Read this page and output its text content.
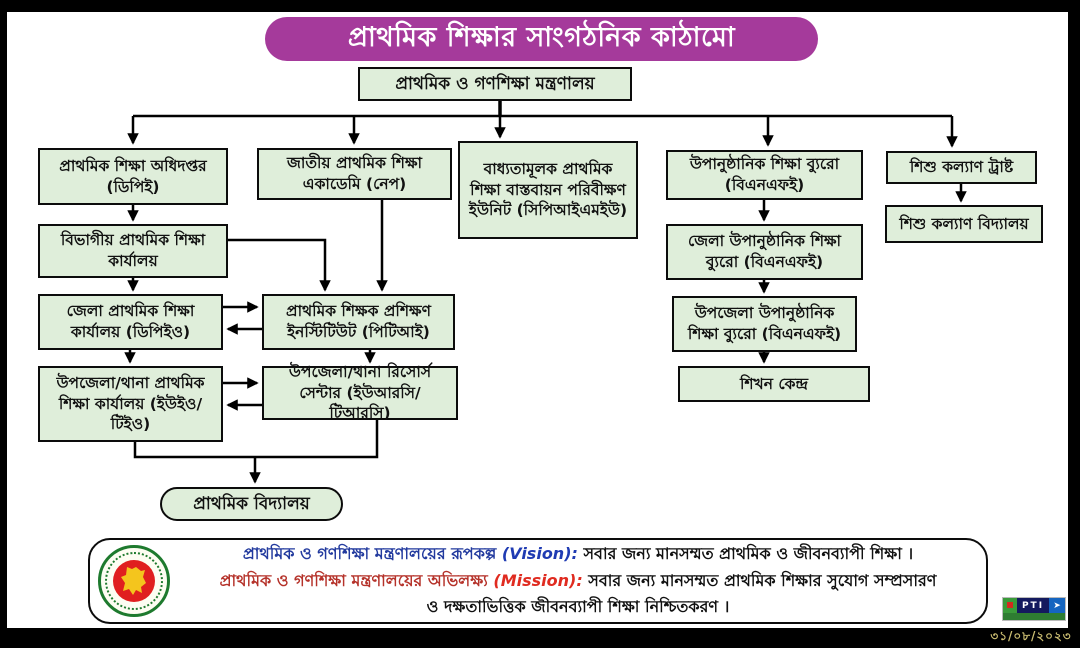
প্রাথমিক শিক্ষার সাংগঠনিক কাঠামো
প্রাথমিক ও গণশিক্ষা মন্ত্রণালয়
প্রাথমিক শিক্ষা অধিদপ্তর (ডিপিই)
বিভাগীয় প্রাথমিক শিক্ষা কার্যালয়
জেলা প্রাথমিক শিক্ষা কার্যালয় (ডিপিইও)
উপজেলা/থানা প্রাথমিক শিক্ষা কার্যালয় (ইউইও/টিইও)
জাতীয় প্রাথমিক শিক্ষা একাডেমি (নেপ)
প্রাথমিক শিক্ষক প্রশিক্ষণ ইনস্টিটিউট (পিটিআই)
উপজেলা/থানা রিসোর্স সেন্টার (ইউআরসি/টিআরসি)
বাধ্যতামূলক প্রাথমিক শিক্ষা বাস্তবায়ন পরিবীক্ষণ ইউনিট (সিপিআইএমইউ)
উপানুষ্ঠানিক শিক্ষা ব্যুরো (বিএনএফই)
জেলা উপানুষ্ঠানিক শিক্ষা ব্যুরো (বিএনএফই)
উপজেলা উপানুষ্ঠানিক শিক্ষা ব্যুরো (বিএনএফই)
শিখন কেন্দ্র
শিশু কল্যাণ ট্রাষ্ট
শিশু কল্যাণ বিদ্যালয়
প্রাথমিক বিদ্যালয়
প্রাথমিক ও গণশিক্ষা মন্ত্রণালয়ের রূপকল্প (Vision): সবার জন্য মানসম্মত প্রাথমিক ও জীবনব্যাপী শিক্ষা ।
প্রাথমিক ও গণশিক্ষা মন্ত্রণালয়ের অভিলক্ষ্য (Mission): সবার জন্য মানসম্মত প্রাথমিক শিক্ষার সুযোগ সম্প্রসারণ
ও দক্ষতাভিত্তিক জীবনব্যাপী শিক্ষা নিশ্চিতকরণ ।	PTI	➤
৩১/০৮/২০২৩
